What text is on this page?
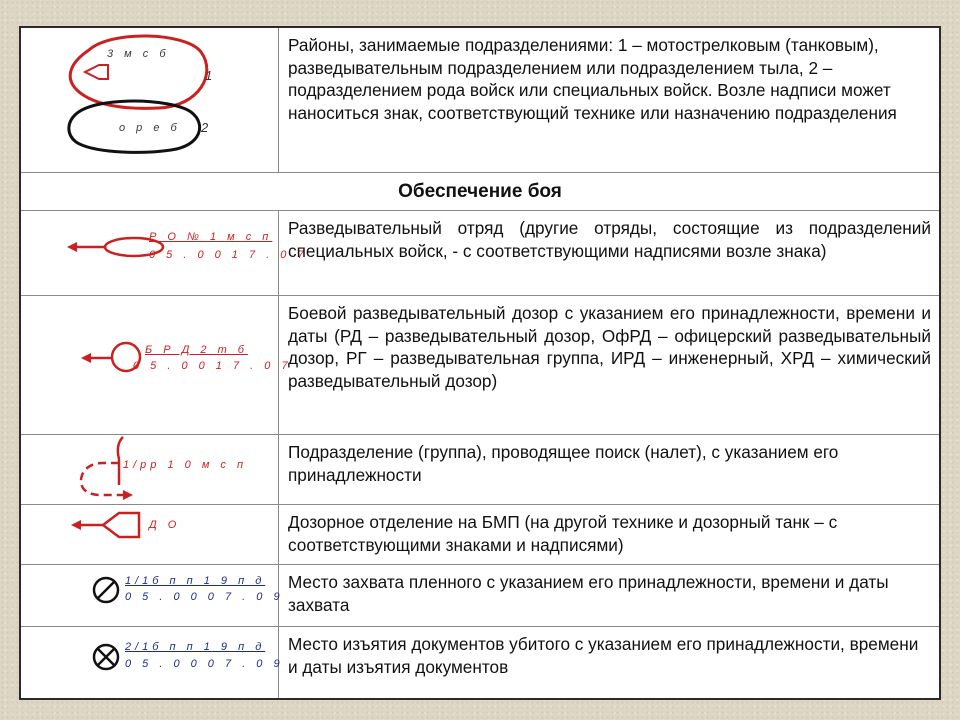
3 м с б
1
о р е б 2
Районы, занимаемые подразделениями: 1 – мотострелковым (танковым), разведывательным подразделением или подразделением тыла, 2 – подразделением рода войск или специальных войск. Возле надписи может наноситься знак, соответствующий технике или назначению подразделения
Обеспечение боя
Р О № 1 м с п
0 5 . 0 0 1 7 . 0 7
Разведывательный отряд (другие отряды, состоящие из подразделений специальных войск, - с соответствующими надписями возле знака)
Б Р Д 2 т б
0 5 . 0 0 1 7 . 0 7
Боевой разведывательный дозор с указанием его принадлежности, времени и даты (РД – разведывательный дозор, ОфРД – офицерский разведывательный дозор, РГ – разведывательная группа, ИРД – инженерный, ХРД – химический разведывательный дозор)
1/рр 1 0 м с п
Подразделение (группа), проводящее поиск (налет), с указанием его принадлежности
Д О	Дозорное отделение на БМП (на другой технике и дозорный танк – с соответствующими знаками и надписями)
1/1б п п 1 9 п д
0 5 . 0 0 0 7 . 0 9
Место захвата пленного с указанием его принадлежности, времени и даты захвата
2/1б п п 1 9 п д
0 5 . 0 0 0 7 . 0 9
Место изъятия документов убитого с указанием его принадлежности, времени и даты изъятия документов
